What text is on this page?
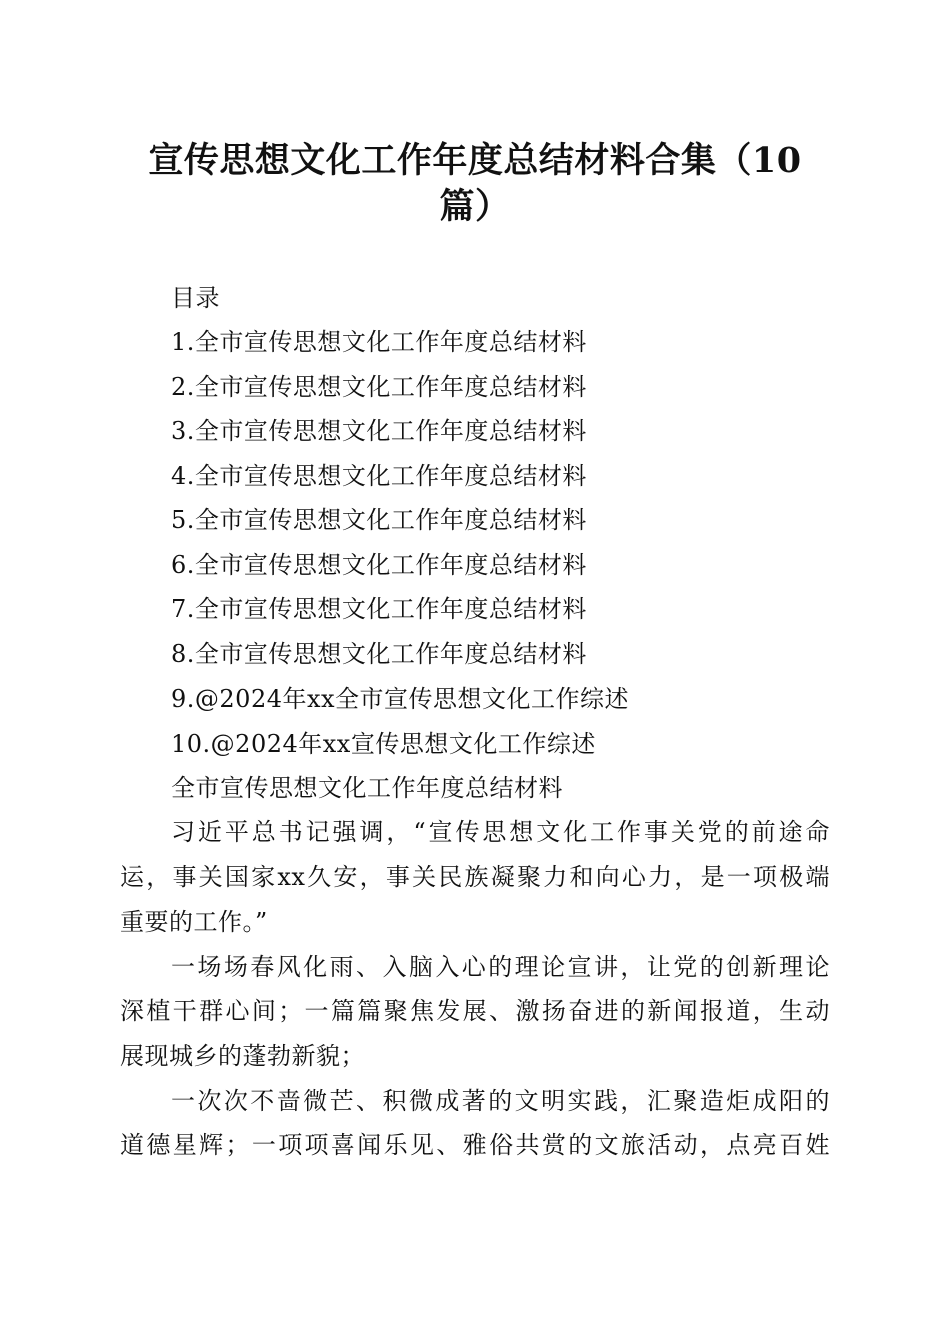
宣传思想文化工作年度总结材料合集（10
篇）
目录
1.全市宣传思想文化工作年度总结材料
2.全市宣传思想文化工作年度总结材料
3.全市宣传思想文化工作年度总结材料
4.全市宣传思想文化工作年度总结材料
5.全市宣传思想文化工作年度总结材料
6.全市宣传思想文化工作年度总结材料
7.全市宣传思想文化工作年度总结材料
8.全市宣传思想文化工作年度总结材料
9.@2024年xx全市宣传思想文化工作综述
10.@2024年xx宣传思想文化工作综述
全市宣传思想文化工作年度总结材料
习近平总书记强调，“宣传思想文化工作事关党的前途命
运，事关国家xx久安，事关民族凝聚力和向心力，是一项极端
重要的工作。”
一场场春风化雨、入脑入心的理论宣讲，让党的创新理论
深植干群心间；一篇篇聚焦发展、激扬奋进的新闻报道，生动
展现城乡的蓬勃新貌；
一次次不啬微芒、积微成著的文明实践，汇聚造炬成阳的
道德星辉；一项项喜闻乐见、雅俗共赏的文旅活动，点亮百姓
